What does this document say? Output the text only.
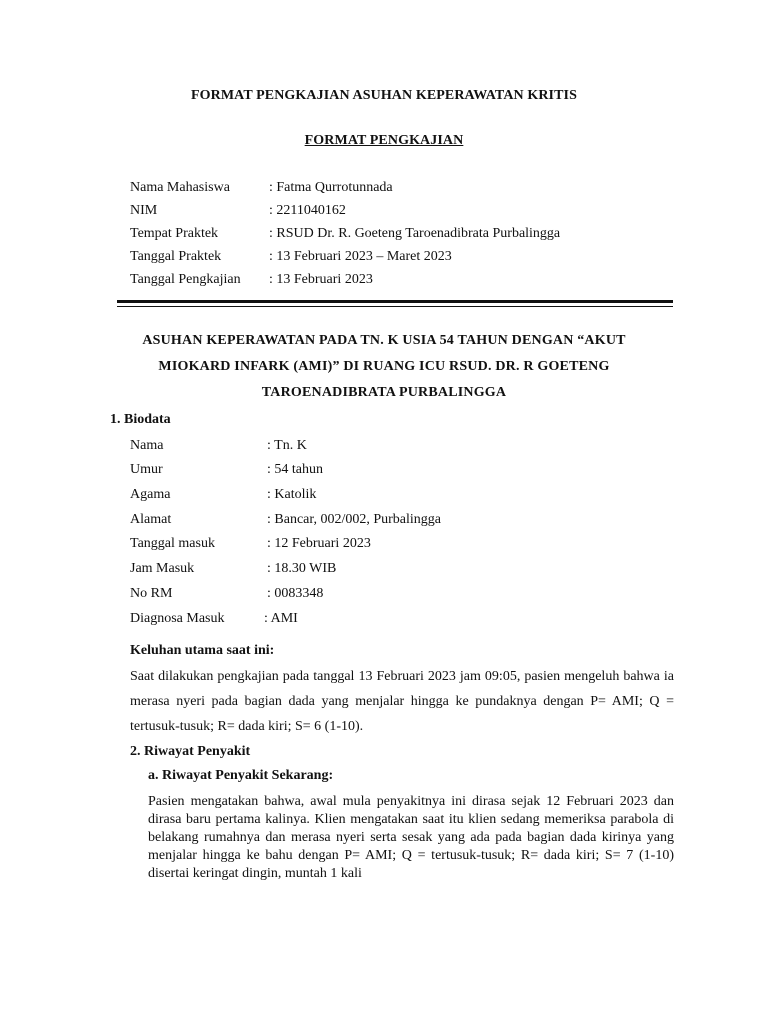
FORMAT PENGKAJIAN ASUHAN KEPERAWATAN KRITIS
FORMAT PENGKAJIAN
Nama Mahasiswa	: Fatma Qurrotunnada
NIM	: 2211040162
Tempat Praktek	: RSUD Dr. R. Goeteng Taroenadibrata Purbalingga
Tanggal Praktek	: 13 Februari 2023 – Maret 2023
Tanggal Pengkajian : 13 Februari 2023
ASUHAN KEPERAWATAN PADA TN. K USIA 54 TAHUN DENGAN “AKUT
MIOKARD INFARK (AMI)” DI RUANG ICU RSUD. DR. R GOETENG
TAROENADIBRATA PURBALINGGA
1. Biodata
Nama	: Tn. K
Umur	: 54 tahun
Agama	: Katolik
Alamat	: Bancar, 002/002, Purbalingga
Tanggal masuk	: 12 Februari 2023
Jam Masuk	: 18.30 WIB
No RM	: 0083348
Diagnosa Masuk	: AMI
Keluhan utama saat ini:
Saat dilakukan pengkajian pada tanggal 13 Februari 2023 jam 09:05, pasien mengeluh bahwa ia merasa nyeri pada bagian dada yang menjalar hingga ke pundaknya dengan P= AMI; Q = tertusuk-tusuk; R= dada kiri; S= 6 (1-10).
2. Riwayat Penyakit
a. Riwayat Penyakit Sekarang:
Pasien mengatakan bahwa, awal mula penyakitnya ini dirasa sejak 12 Februari 2023 dan dirasa baru pertama kalinya. Klien mengatakan saat itu klien sedang memeriksa parabola di belakang rumahnya dan merasa nyeri serta sesak yang ada pada bagian dada kirinya yang menjalar hingga ke bahu dengan P= AMI; Q = tertusuk-tusuk; R= dada kiri; S= 7 (1-10) disertai keringat dingin, muntah 1 kali
